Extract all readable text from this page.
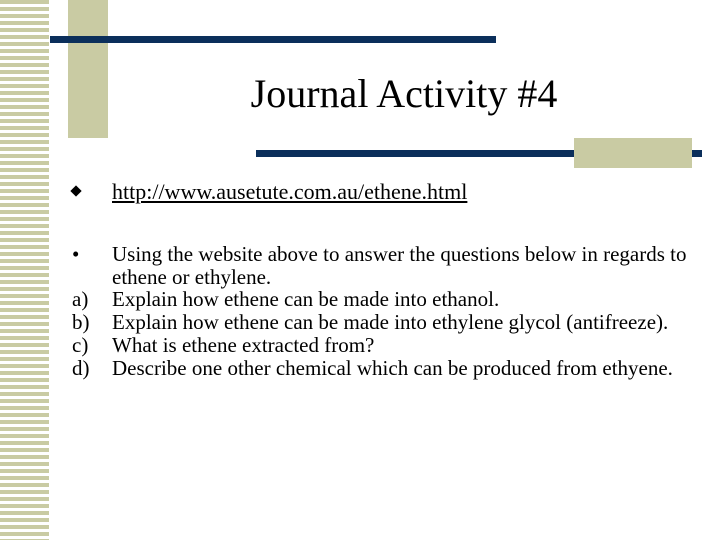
Journal Activity #4
http://www.ausetute.com.au/ethene.html
• Using the website above to answer the questions below in regards to ethene or ethylene.
a) Explain how ethene can be made into ethanol.
b) Explain how ethene can be made into ethylene glycol (antifreeze).
c) What is ethene extracted from?
d) Describe one other chemical which can be produced from ethyene.
